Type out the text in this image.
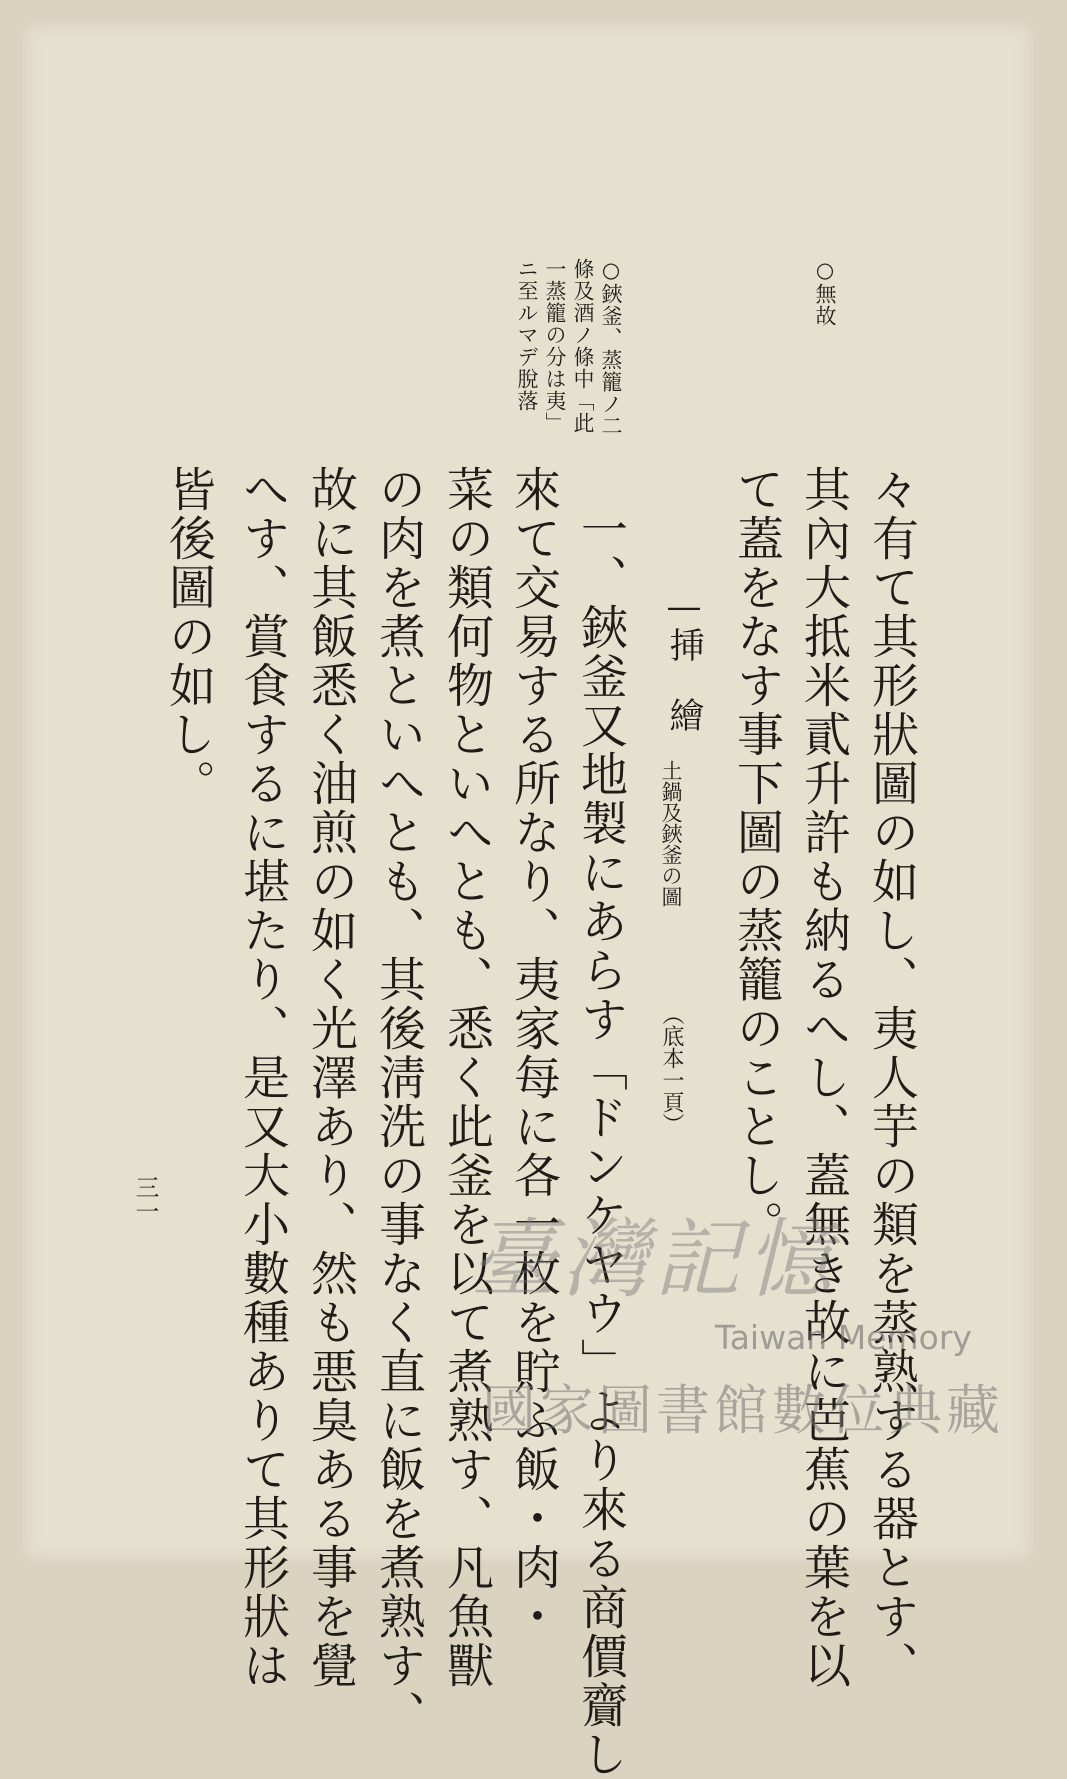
○無故
○鋏釜、蒸籠ノ二
條及酒ノ條中「此
一蒸籠の分は夷」
ニ至ルマデ脫落
々有て其形狀圖の如し、夷人芋の類を蒸熟する器とす、
其內大抵米貳升許も納るへし、蓋無き故に芭蕉の葉を以
て蓋をなす事下圖の蒸籠のことし。
—挿　繪
土鍋及鋏釜の圖
（底本一頁）
一、鋏釜又地製にあらす「ドンケヤウ」より來る商價齎し
來て交易する所なり、夷家每に各一枚を貯ふ飯・肉・
菜の類何物といへとも、悉く此釜を以て煮熟す、凡魚獸
の肉を煮といへとも、其後淸洗の事なく直に飯を煮熟す、
故に其飯悉く油煎の如く光澤あり、然も悪臭ある事を覺
へす、賞食するに堪たり、是又大小數種ありて其形狀は
皆後圖の如し。
三一
臺灣記憶
Taiwan Memory
國家圖書館數位典藏
